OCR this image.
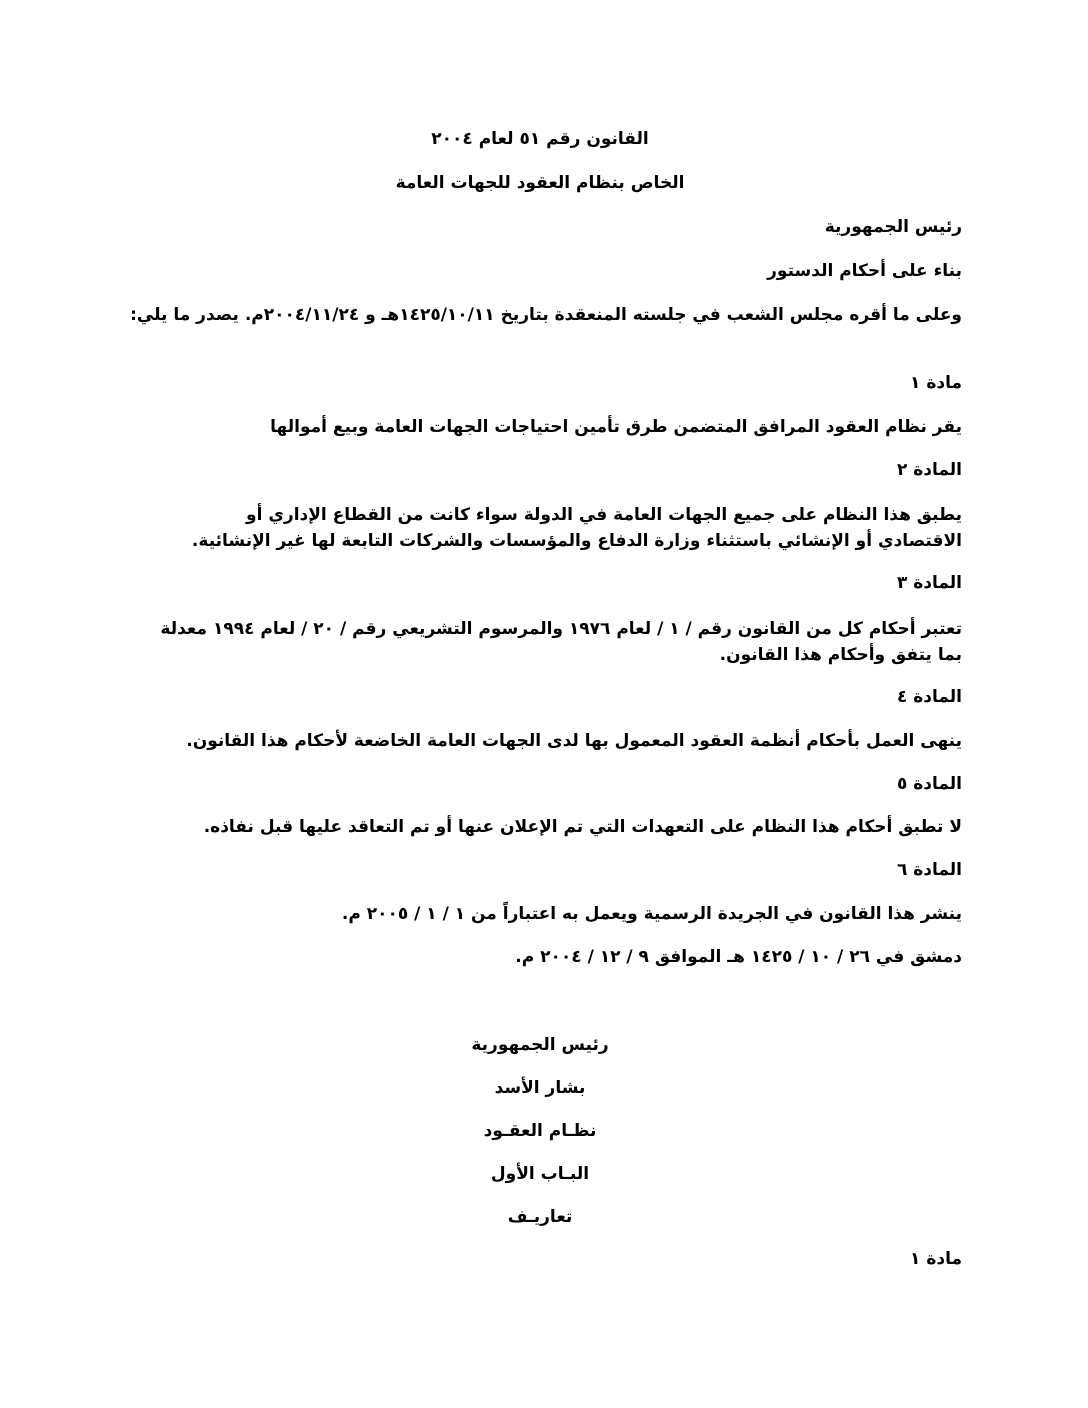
القانون رقم ٥١ لعام ٢٠٠٤
الخاص بنظام العقود للجهات العامة
رئيس الجمهورية
بناء على أحكام الدستور
وعلى ما أقره مجلس الشعب في جلسته المنعقدة بتاريخ ١٤٢٥/١٠/١١هـ و ٢٠٠٤/١١/٢٤م. يصدر ما يلي:
مادة ١
يقر نظام العقود المرافق المتضمن طرق تأمين احتياجات الجهات العامة وبيع أموالها
المادة ٢
يطبق هذا النظام على جميع الجهات العامة في الدولة سواء كانت من القطاع الإداري أو الاقتصادي أو الإنشائي باستثناء وزارة الدفاع والمؤسسات والشركات التابعة لها غير الإنشائية.
المادة ٣
تعتبر أحكام كل من القانون رقم / ١ / لعام ١٩٧٦ والمرسوم التشريعي رقم / ٢٠ / لعام ١٩٩٤ معدلة بما يتفق وأحكام هذا القانون.
المادة ٤
ينهى العمل بأحكام أنظمة العقود المعمول بها لدى الجهات العامة الخاضعة لأحكام هذا القانون.
المادة ٥
لا تطبق أحكام هذا النظام على التعهدات التي تم الإعلان عنها أو تم التعاقد عليها قبل نفاذه.
المادة ٦
ينشر هذا القانون في الجريدة الرسمية ويعمل به اعتباراً من ١ / ١ / ٢٠٠٥ م.
دمشق في ٢٦ / ١٠ / ١٤٢٥ هـ الموافق ٩ / ١٢ / ٢٠٠٤ م.
رئيس الجمهورية
بشار الأسد
نظـام العقـود
البـاب الأول
تعاريـف
مادة ١
